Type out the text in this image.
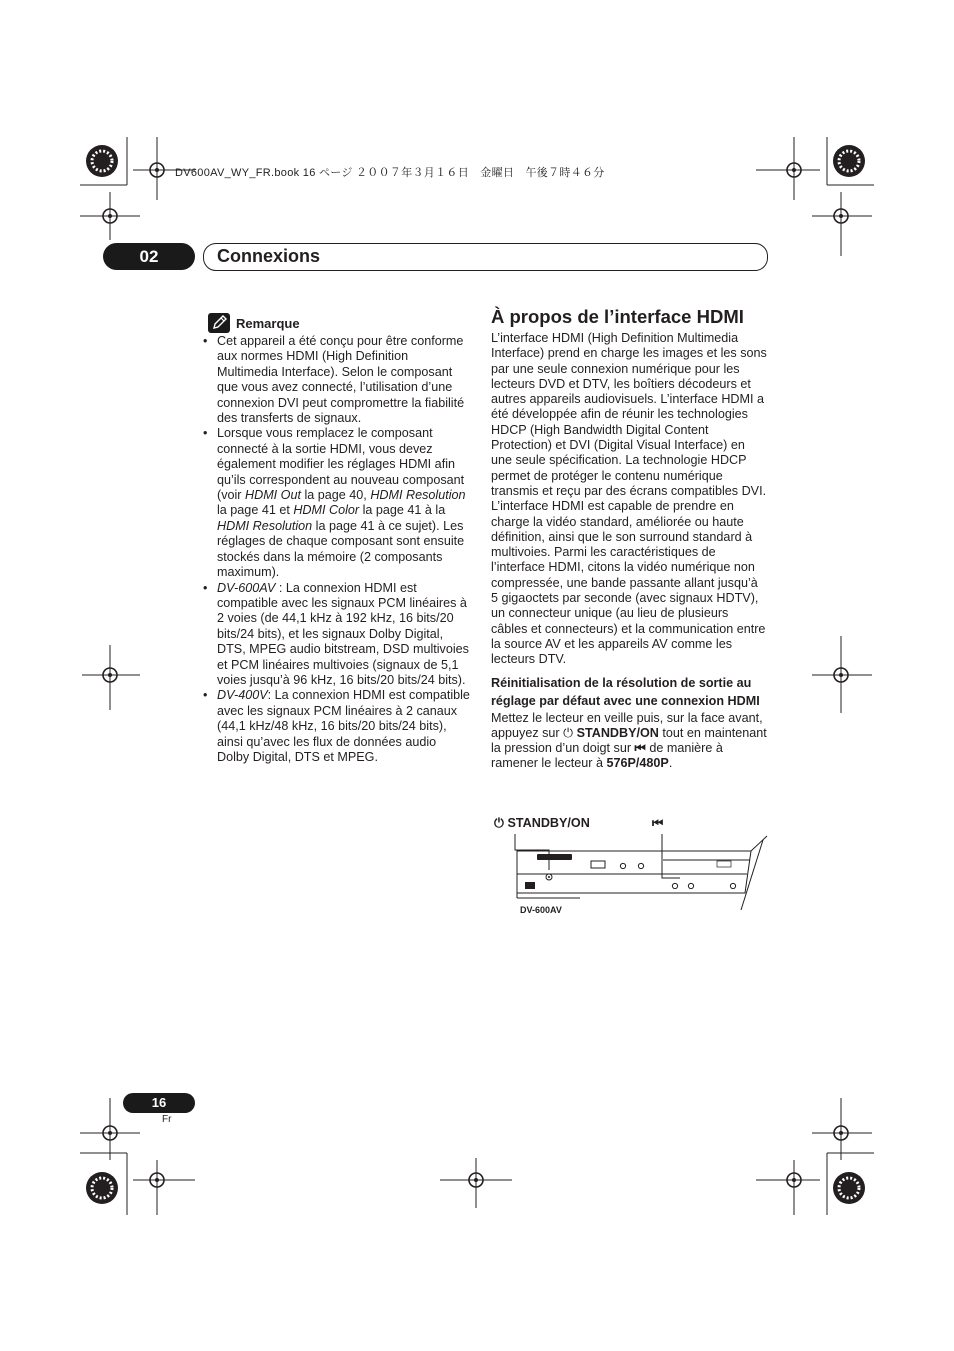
DV600AV_WY_FR.book 16 ページ ２００７年３月１６日　金曜日　午後７時４６分
02	Connexions
Remarque
• Cet appareil a été conçu pour être conforme aux normes HDMI (High Definition Multimedia Interface). Selon le composant que vous avez connecté, l’utilisation d’une connexion DVI peut compromettre la fiabilité des transferts de signaux.
• Lorsque vous remplacez le composant connecté à la sortie HDMI, vous devez également modifier les réglages HDMI afin qu’ils correspondent au nouveau composant (voir HDMI Out la page 40, HDMI Resolution la page 41 et HDMI Color la page 41 à la HDMI Resolution la page 41 à ce sujet). Les réglages de chaque composant sont ensuite stockés dans la mémoire (2 composants maximum).
• DV-600AV : La connexion HDMI est compatible avec les signaux PCM linéaires à 2 voies (de 44,1 kHz à 192 kHz, 16 bits/20 bits/24 bits), et les signaux Dolby Digital, DTS, MPEG audio bitstream, DSD multivoies et PCM linéaires multivoies (signaux de 5,1 voies jusqu’à 96 kHz, 16 bits/20 bits/24 bits).
• DV-400V: La connexion HDMI est compatible avec les signaux PCM linéaires à 2 canaux (44,1 kHz/48 kHz, 16 bits/20 bits/24 bits), ainsi qu’avec les flux de données audio Dolby Digital, DTS et MPEG.
À propos de l’interface HDMI

L’interface HDMI (High Definition Multimedia Interface) prend en charge les images et les sons par une seule connexion numérique pour les lecteurs DVD et DTV, les boîtiers décodeurs et autres appareils audiovisuels. L’interface HDMI a été développée afin de réunir les technologies HDCP (High Bandwidth Digital Content Protection) et DVI (Digital Visual Interface) en une seule spécification. La technologie HDCP permet de protéger le contenu numérique transmis et reçu par des écrans compatibles DVI.

L’interface HDMI est capable de prendre en charge la vidéo standard, améliorée ou haute définition, ainsi que le son surround standard à multivoies. Parmi les caractéristiques de l’interface HDMI, citons la vidéo numérique non compressée, une bande passante allant jusqu’à 5 gigaoctets par seconde (avec signaux HDTV), un connecteur unique (au lieu de plusieurs câbles et connecteurs) et la communication entre la source AV et les appareils AV comme les lecteurs DTV.

Réinitialisation de la résolution de sortie au réglage par défaut avec une connexion HDMI

Mettez le lecteur en veille puis, sur la face avant, appuyez sur ⏻ STANDBY/ON tout en maintenant la pression d’un doigt sur ⏮ de manière à ramener le lecteur à 576P/480P.

⏻ STANDBY/ON	⏮
DV-600AV
16
Fr
